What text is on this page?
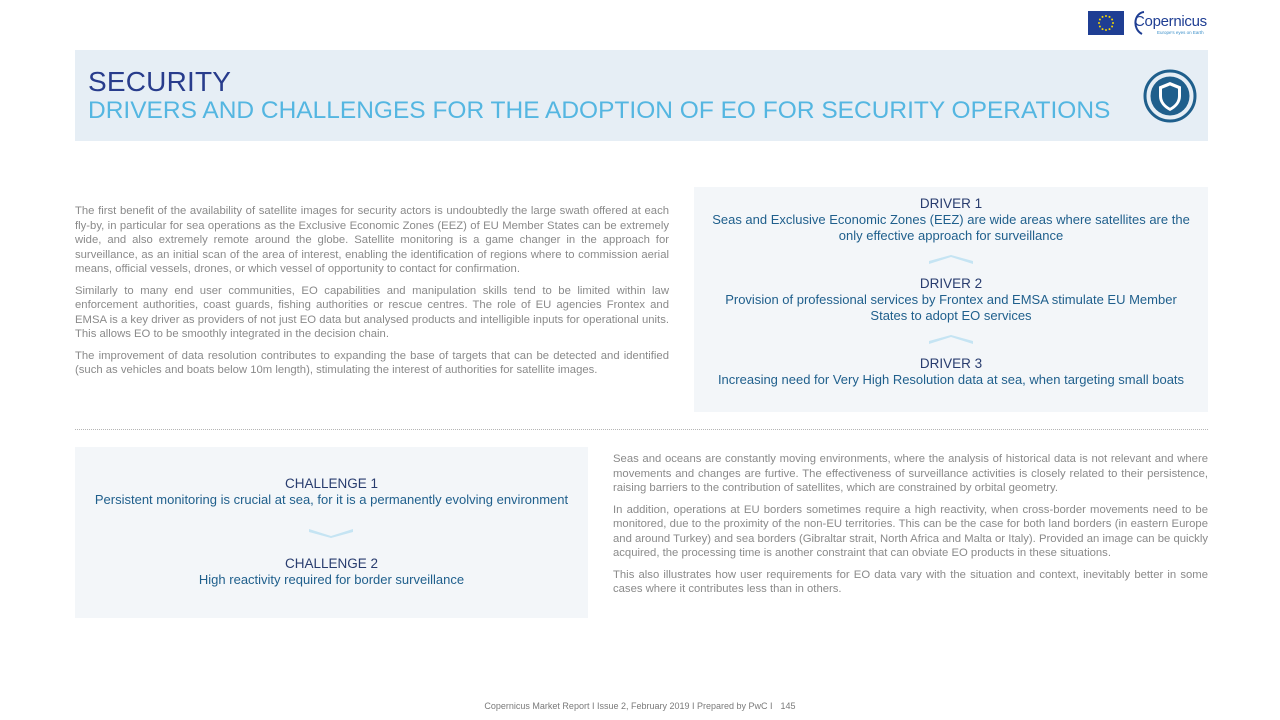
Copernicus
Europe's eyes on Earth
SECURITY
DRIVERS AND CHALLENGES FOR THE ADOPTION OF EO FOR SECURITY OPERATIONS

The first benefit of the availability of satellite images for security actors is undoubtedly the large swath offered at each fly-by, in particular for sea operations as the Exclusive Economic Zones (EEZ) of EU Member States can be extremely wide, and also extremely remote around the globe. Satellite monitoring is a game changer in the approach for surveillance, as an initial scan of the area of interest, enabling the identification of regions where to commission aerial means, official vessels, drones, or which vessel of opportunity to contact for confirmation.

Similarly to many end user communities, EO capabilities and manipulation skills tend to be limited within law enforcement authorities, coast guards, fishing authorities or rescue centres. The role of EU agencies Frontex and EMSA is a key driver as providers of not just EO data but analysed products and intelligible inputs for operational units. This allows EO to be smoothly integrated in the decision chain.

The improvement of data resolution contributes to expanding the base of targets that can be detected and identified (such as vehicles and boats below 10m length), stimulating the interest of authorities for satellite images.

DRIVER 1
Seas and Exclusive Economic Zones (EEZ) are wide areas where satellites are the only effective approach for surveillance
DRIVER 2
Provision of professional services by Frontex and EMSA stimulate EU Member States to adopt EO services
DRIVER 3
Increasing need for Very High Resolution data at sea, when targeting small boats
CHALLENGE 1
Persistent monitoring is crucial at sea, for it is a permanently evolving environment
CHALLENGE 2
High reactivity required for border surveillance

Seas and oceans are constantly moving environments, where the analysis of historical data is not relevant and where movements and changes are furtive. The effectiveness of surveillance activities is closely related to their persistence, raising barriers to the contribution of satellites, which are constrained by orbital geometry.

In addition, operations at EU borders sometimes require a high reactivity, when cross-border movements need to be monitored, due to the proximity of the non-EU territories. This can be the case for both land borders (in eastern Europe and around Turkey) and sea borders (Gibraltar strait, North Africa and Malta or Italy). Provided an image can be quickly acquired, the processing time is another constraint that can obviate EO products in these situations.

This also illustrates how user requirements for EO data vary with the situation and context, inevitably better in some cases where it contributes less than in others.

Copernicus Market Report I Issue 2, February 2019 I Prepared by PwC I 145
